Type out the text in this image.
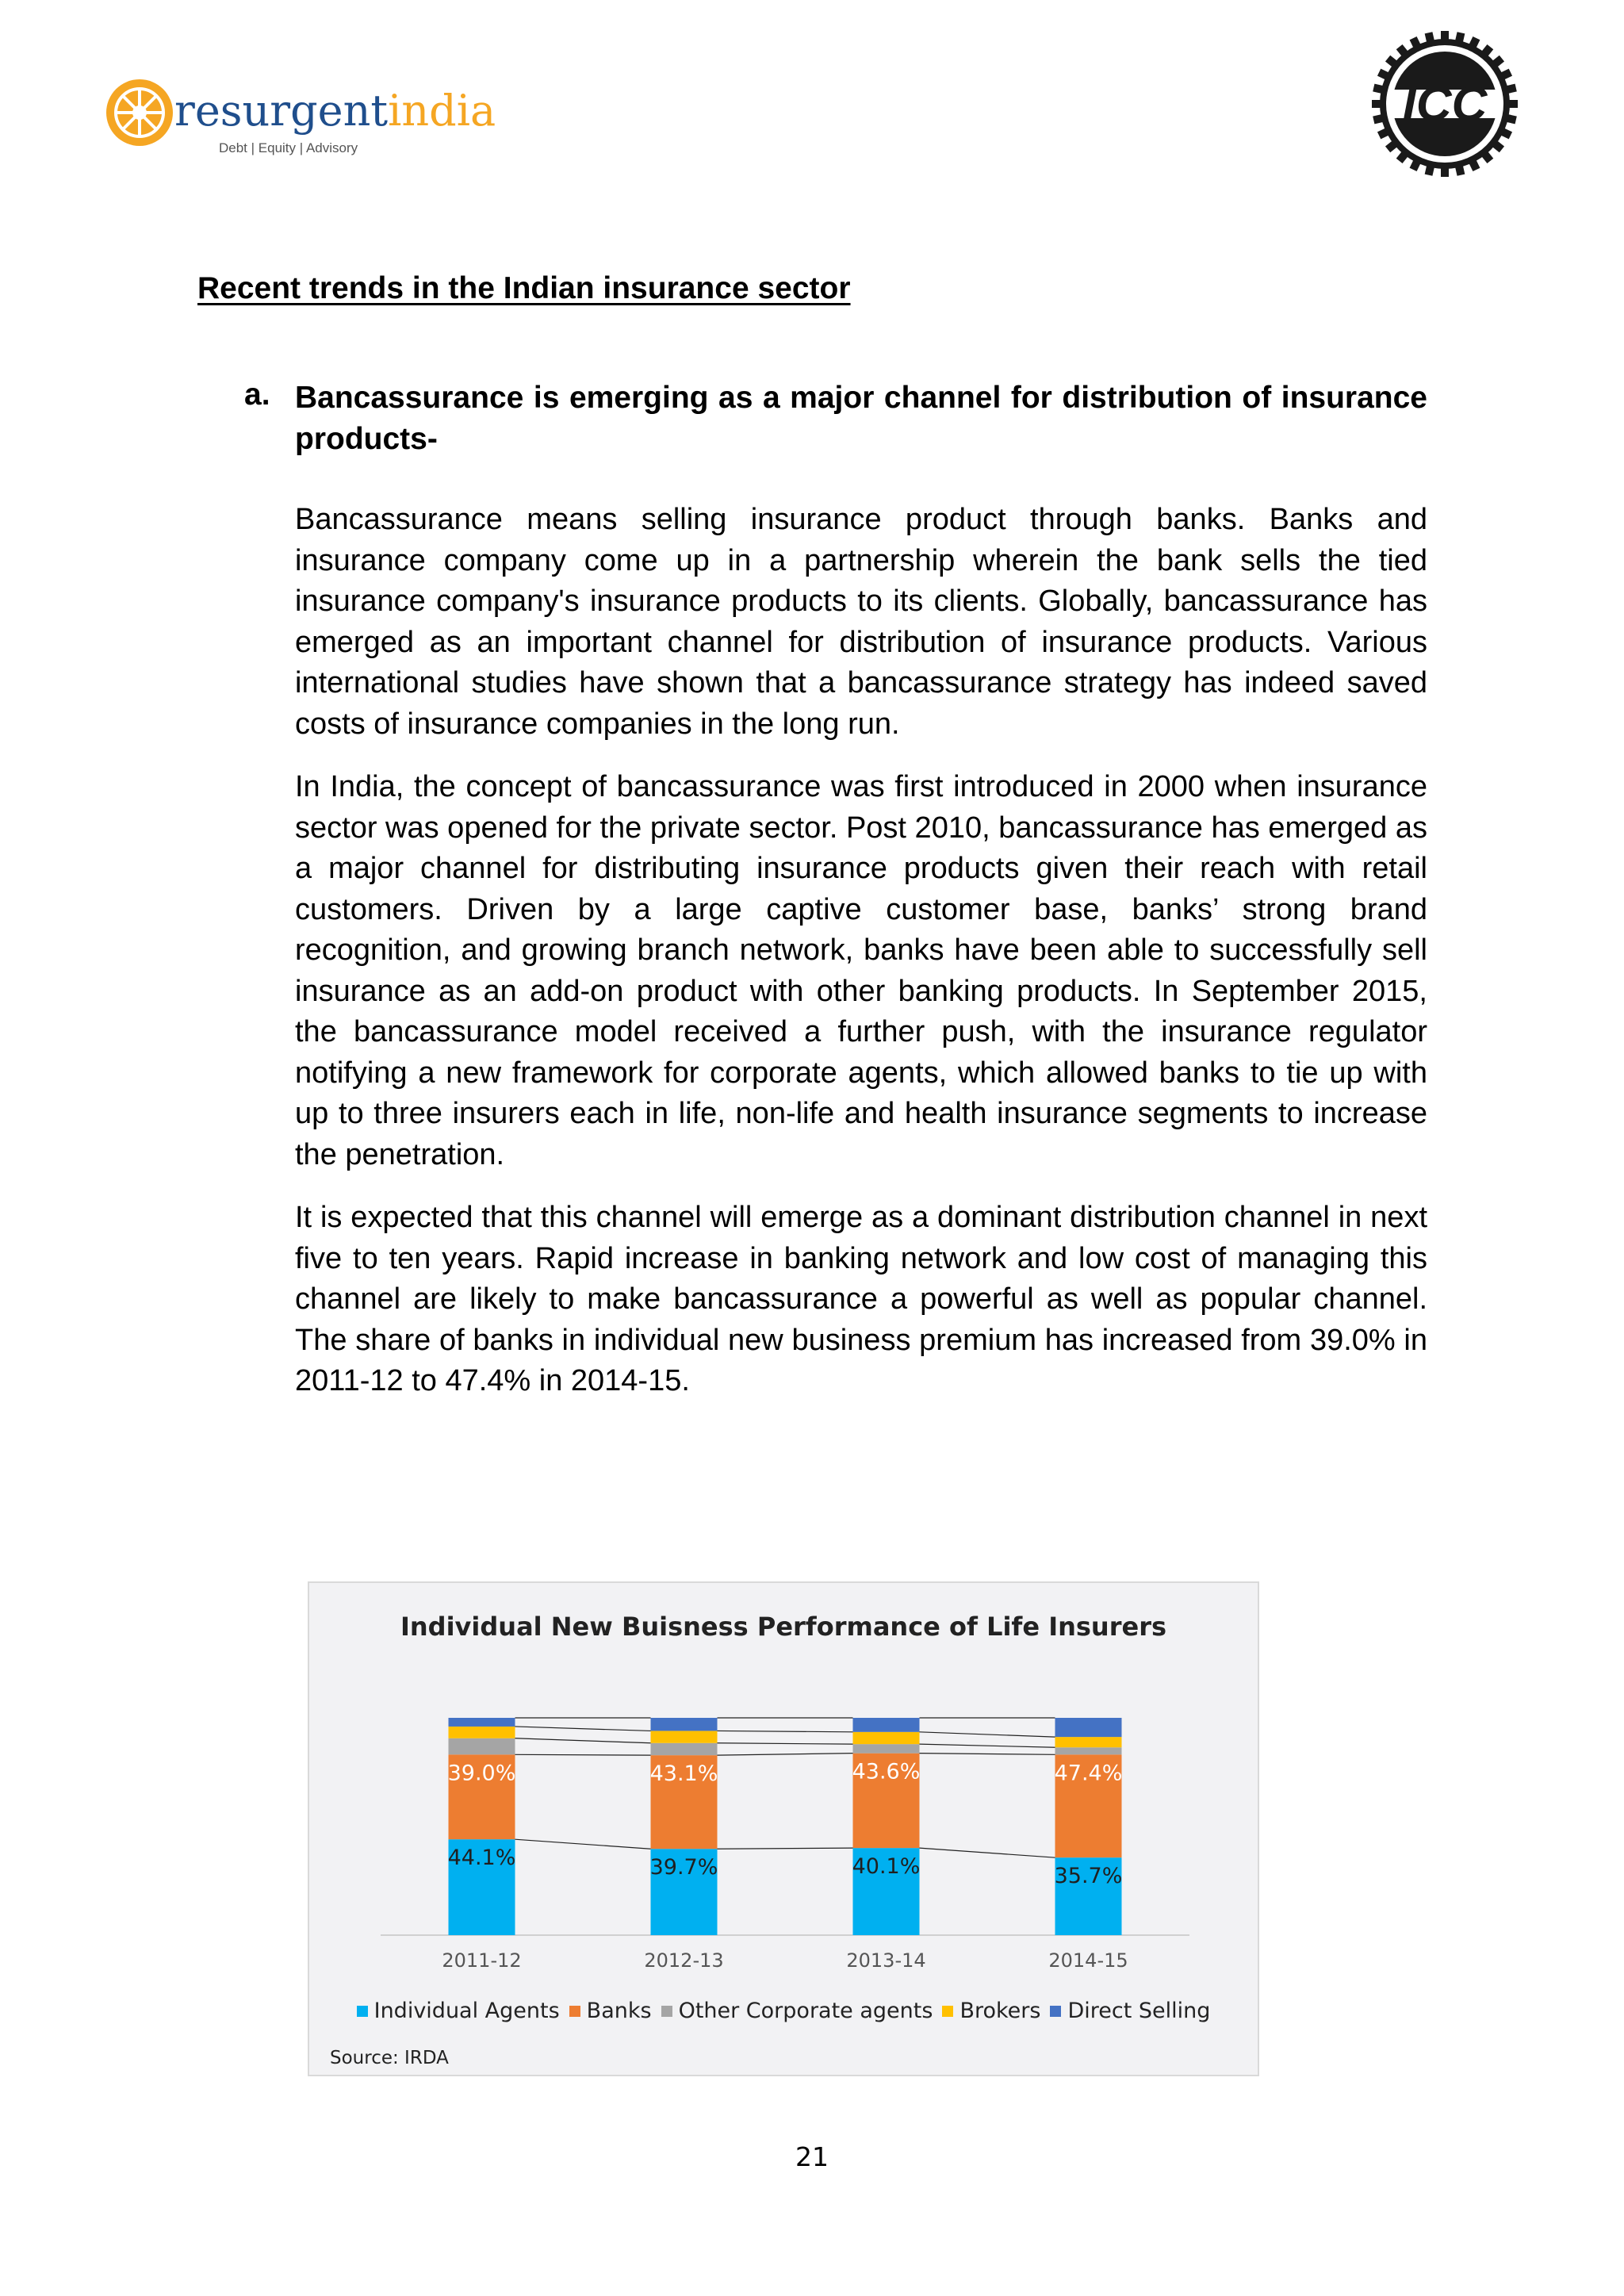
resurgentindia
Debt | Equity | Advisory
ICC
Recent trends in the Indian insurance sector
a. Bancassurance is emerging as a major channel for distribution of insurance products-

Bancassurance means selling insurance product through banks. Banks and insurance company come up in a partnership wherein the bank sells the tied insurance company's insurance products to its clients. Globally, bancassurance has emerged as an important channel for distribution of insurance products. Various international studies have shown that a bancassurance strategy has indeed saved costs of insurance companies in the long run.

In India, the concept of bancassurance was first introduced in 2000 when insurance sector was opened for the private sector. Post 2010, bancassurance has emerged as a major channel for distributing insurance products given their reach with retail customers. Driven by a large captive customer base, banks’ strong brand recognition, and growing branch network, banks have been able to successfully sell insurance as an add-on product with other banking products. In September 2015, the bancassurance model received a further push, with the insurance regulator notifying a new framework for corporate agents, which allowed banks to tie up with up to three insurers each in life, non-life and health insurance segments to increase the penetration.

It is expected that this channel will emerge as a dominant distribution channel in next five to ten years. Rapid increase in banking network and low cost of managing this channel are likely to make bancassurance a powerful as well as popular channel. The share of banks in individual new business premium has increased from 39.0% in 2011-12 to 47.4% in 2014-15.

44.1%
39.0%
2011-12
39.7%
43.1%
2012-13
40.1%
43.6%
2013-14
35.7%
47.4%
2014-15
Individual New Buisness Performance of Life Insurers
Individual Agents Banks Other Corporate agents Brokers Direct Selling
Source: IRDA
21
